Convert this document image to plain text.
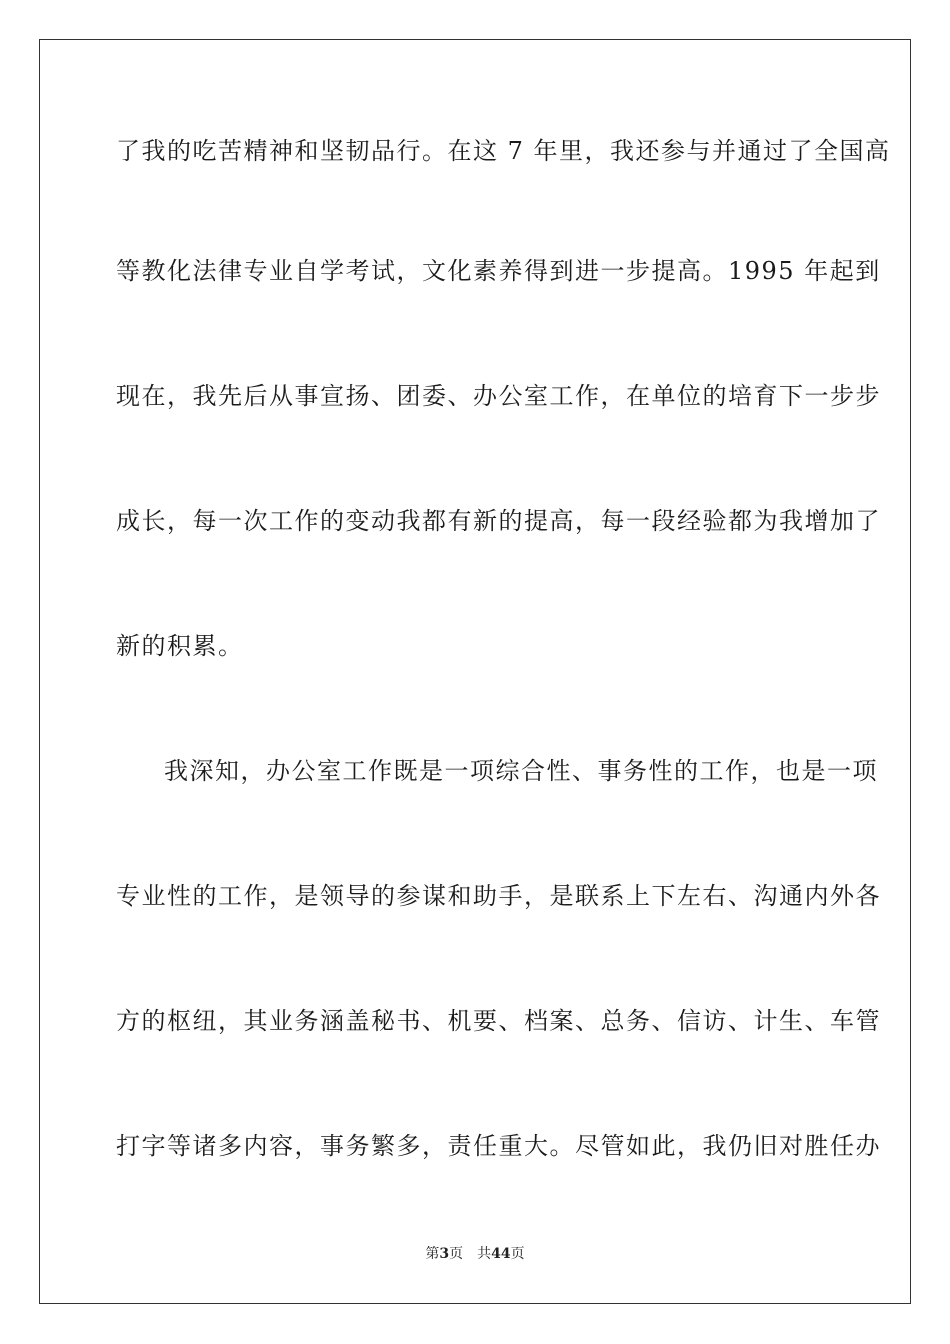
了我的吃苦精神和坚韧品行。在这 7 年里，我还参与并通过了全国高
等教化法律专业自学考试，文化素养得到进一步提高。1995 年起到
现在，我先后从事宣扬、团委、办公室工作，在单位的培育下一步步
成长，每一次工作的变动我都有新的提高，每一段经验都为我增加了
新的积累。
我深知，办公室工作既是一项综合性、事务性的工作，也是一项
专业性的工作，是领导的参谋和助手，是联系上下左右、沟通内外各
方的枢纽，其业务涵盖秘书、机要、档案、总务、信访、计生、车管
打字等诸多内容，事务繁多，责任重大。尽管如此，我仍旧对胜任办
第3页 共44页
